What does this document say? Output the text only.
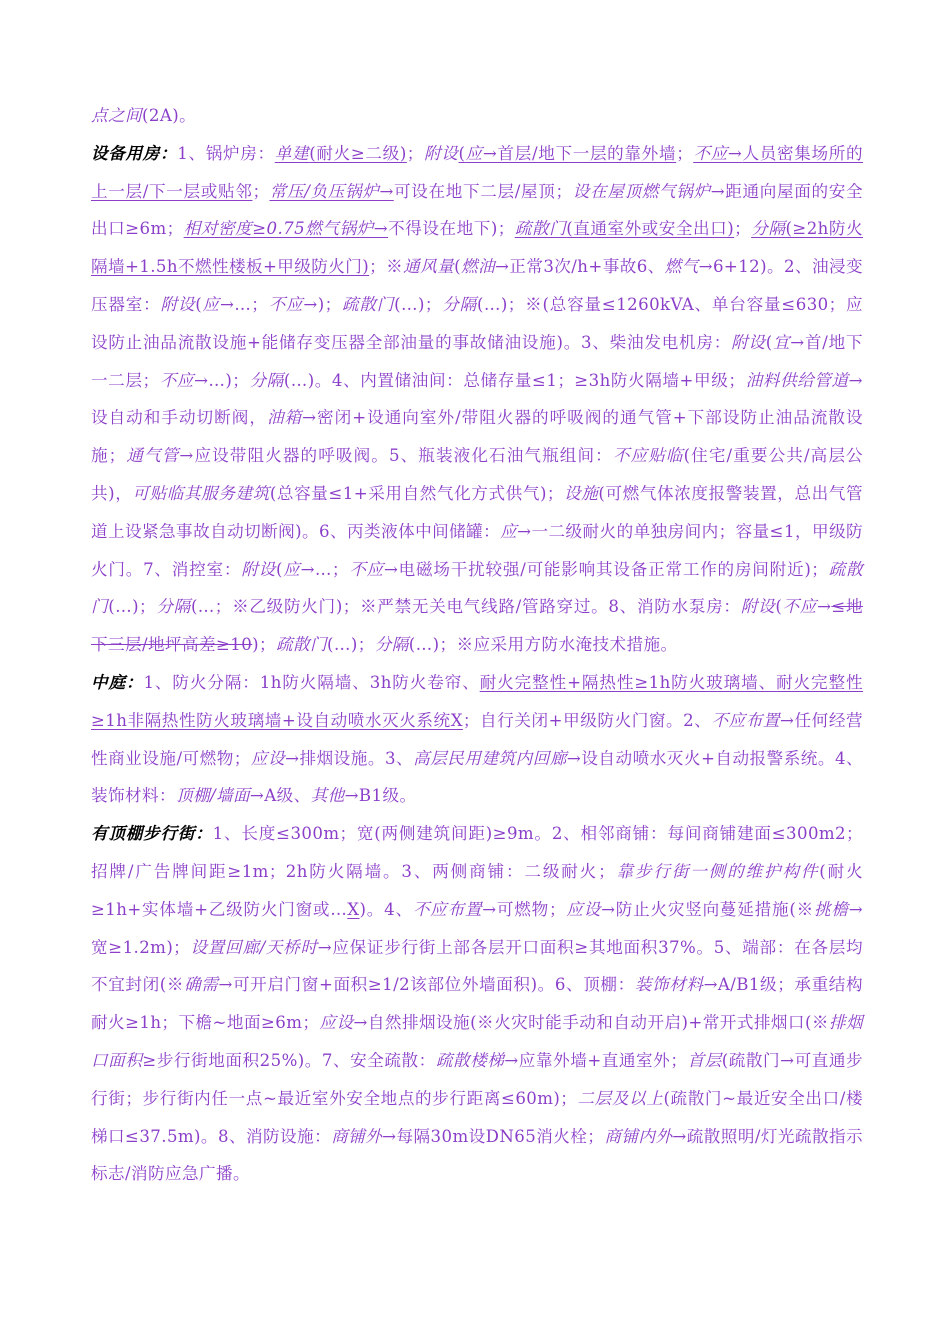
点之间(2A)。

设备用房：1、锅炉房：单建(耐火≥二级)；附设(应→首层/地下一层的靠外墙；不应→人员密集场所的上一层/下一层或贴邻；常压/负压锅炉→可设在地下二层/屋顶；设在屋顶燃气锅炉→距通向屋面的安全出口≥6m；相对密度≥0.75燃气锅炉→不得设在地下)；疏散门(直通室外或安全出口)；分隔(≥2h防火隔墙+1.5h不燃性楼板+甲级防火门)；※通风量(燃油→正常3次/h+事故6、燃气→6+12)。2、油浸变压器室：附设(应→…；不应→)；疏散门(…)；分隔(…)；※(总容量≤1260kVA、单台容量≤630；应设防止油品流散设施+能储存变压器全部油量的事故储油设施)。3、柴油发电机房：附设(宜→首/地下一二层；不应→…)；分隔(…)。4、内置储油间：总储存量≤1；≥3h防火隔墙+甲级；油料供给管道→设自动和手动切断阀，油箱→密闭+设通向室外/带阻火器的呼吸阀的通气管+下部设防止油品流散设施；通气管→应设带阻火器的呼吸阀。5、瓶装液化石油气瓶组间：不应贴临(住宅/重要公共/高层公共)，可贴临其服务建筑(总容量≤1+采用自然气化方式供气)；设施(可燃气体浓度报警装置，总出气管道上设紧急事故自动切断阀)。6、丙类液体中间储罐：应→一二级耐火的单独房间内；容量≤1，甲级防火门。7、消控室：附设(应→…；不应→电磁场干扰较强/可能影响其设备正常工作的房间附近)；疏散门(…)；分隔(…；※乙级防火门)；※严禁无关电气线路/管路穿过。8、消防水泵房：附设(不应→≤地下三层/地坪高差≥10)；疏散门(…)；分隔(…)；※应采用方防水淹技术措施。

中庭：1、防火分隔：1h防火隔墙、3h防火卷帘、耐火完整性+隔热性≥1h防火玻璃墙、耐火完整性≥1h非隔热性防火玻璃墙+设自动喷水灭火系统X；自行关闭+甲级防火门窗。2、不应布置→任何经营性商业设施/可燃物；应设→排烟设施。3、高层民用建筑内回廊→设自动喷水灭火+自动报警系统。4、装饰材料：顶棚/墙面→A级、其他→B1级。

有顶棚步行街：1、长度≤300m；宽(两侧建筑间距)≥9m。2、相邻商铺：每间商铺建面≤300m2；招牌/广告牌间距≥1m；2h防火隔墙。3、两侧商铺：二级耐火；靠步行街一侧的维护构件(耐火≥1h+实体墙+乙级防火门窗或…X)。4、不应布置→可燃物；应设→防止火灾竖向蔓延措施(※挑檐→宽≥1.2m)；设置回廊/天桥时→应保证步行街上部各层开口面积≥其地面积37%。5、端部：在各层均不宜封闭(※确需→可开启门窗+面积≥1/2该部位外墙面积)。6、顶棚：装饰材料→A/B1级；承重结构耐火≥1h；下檐~地面≥6m；应设→自然排烟设施(※火灾时能手动和自动开启)+常开式排烟口(※排烟口面积≥步行街地面积25%)。7、安全疏散：疏散楼梯→应靠外墙+直通室外；首层(疏散门→可直通步行街；步行街内任一点~最近室外安全地点的步行距离≤60m)；二层及以上(疏散门~最近安全出口/楼梯口≤37.5m)。8、消防设施：商铺外→每隔30m设DN65消火栓；商铺内外→疏散照明/灯光疏散指示标志/消防应急广播。
